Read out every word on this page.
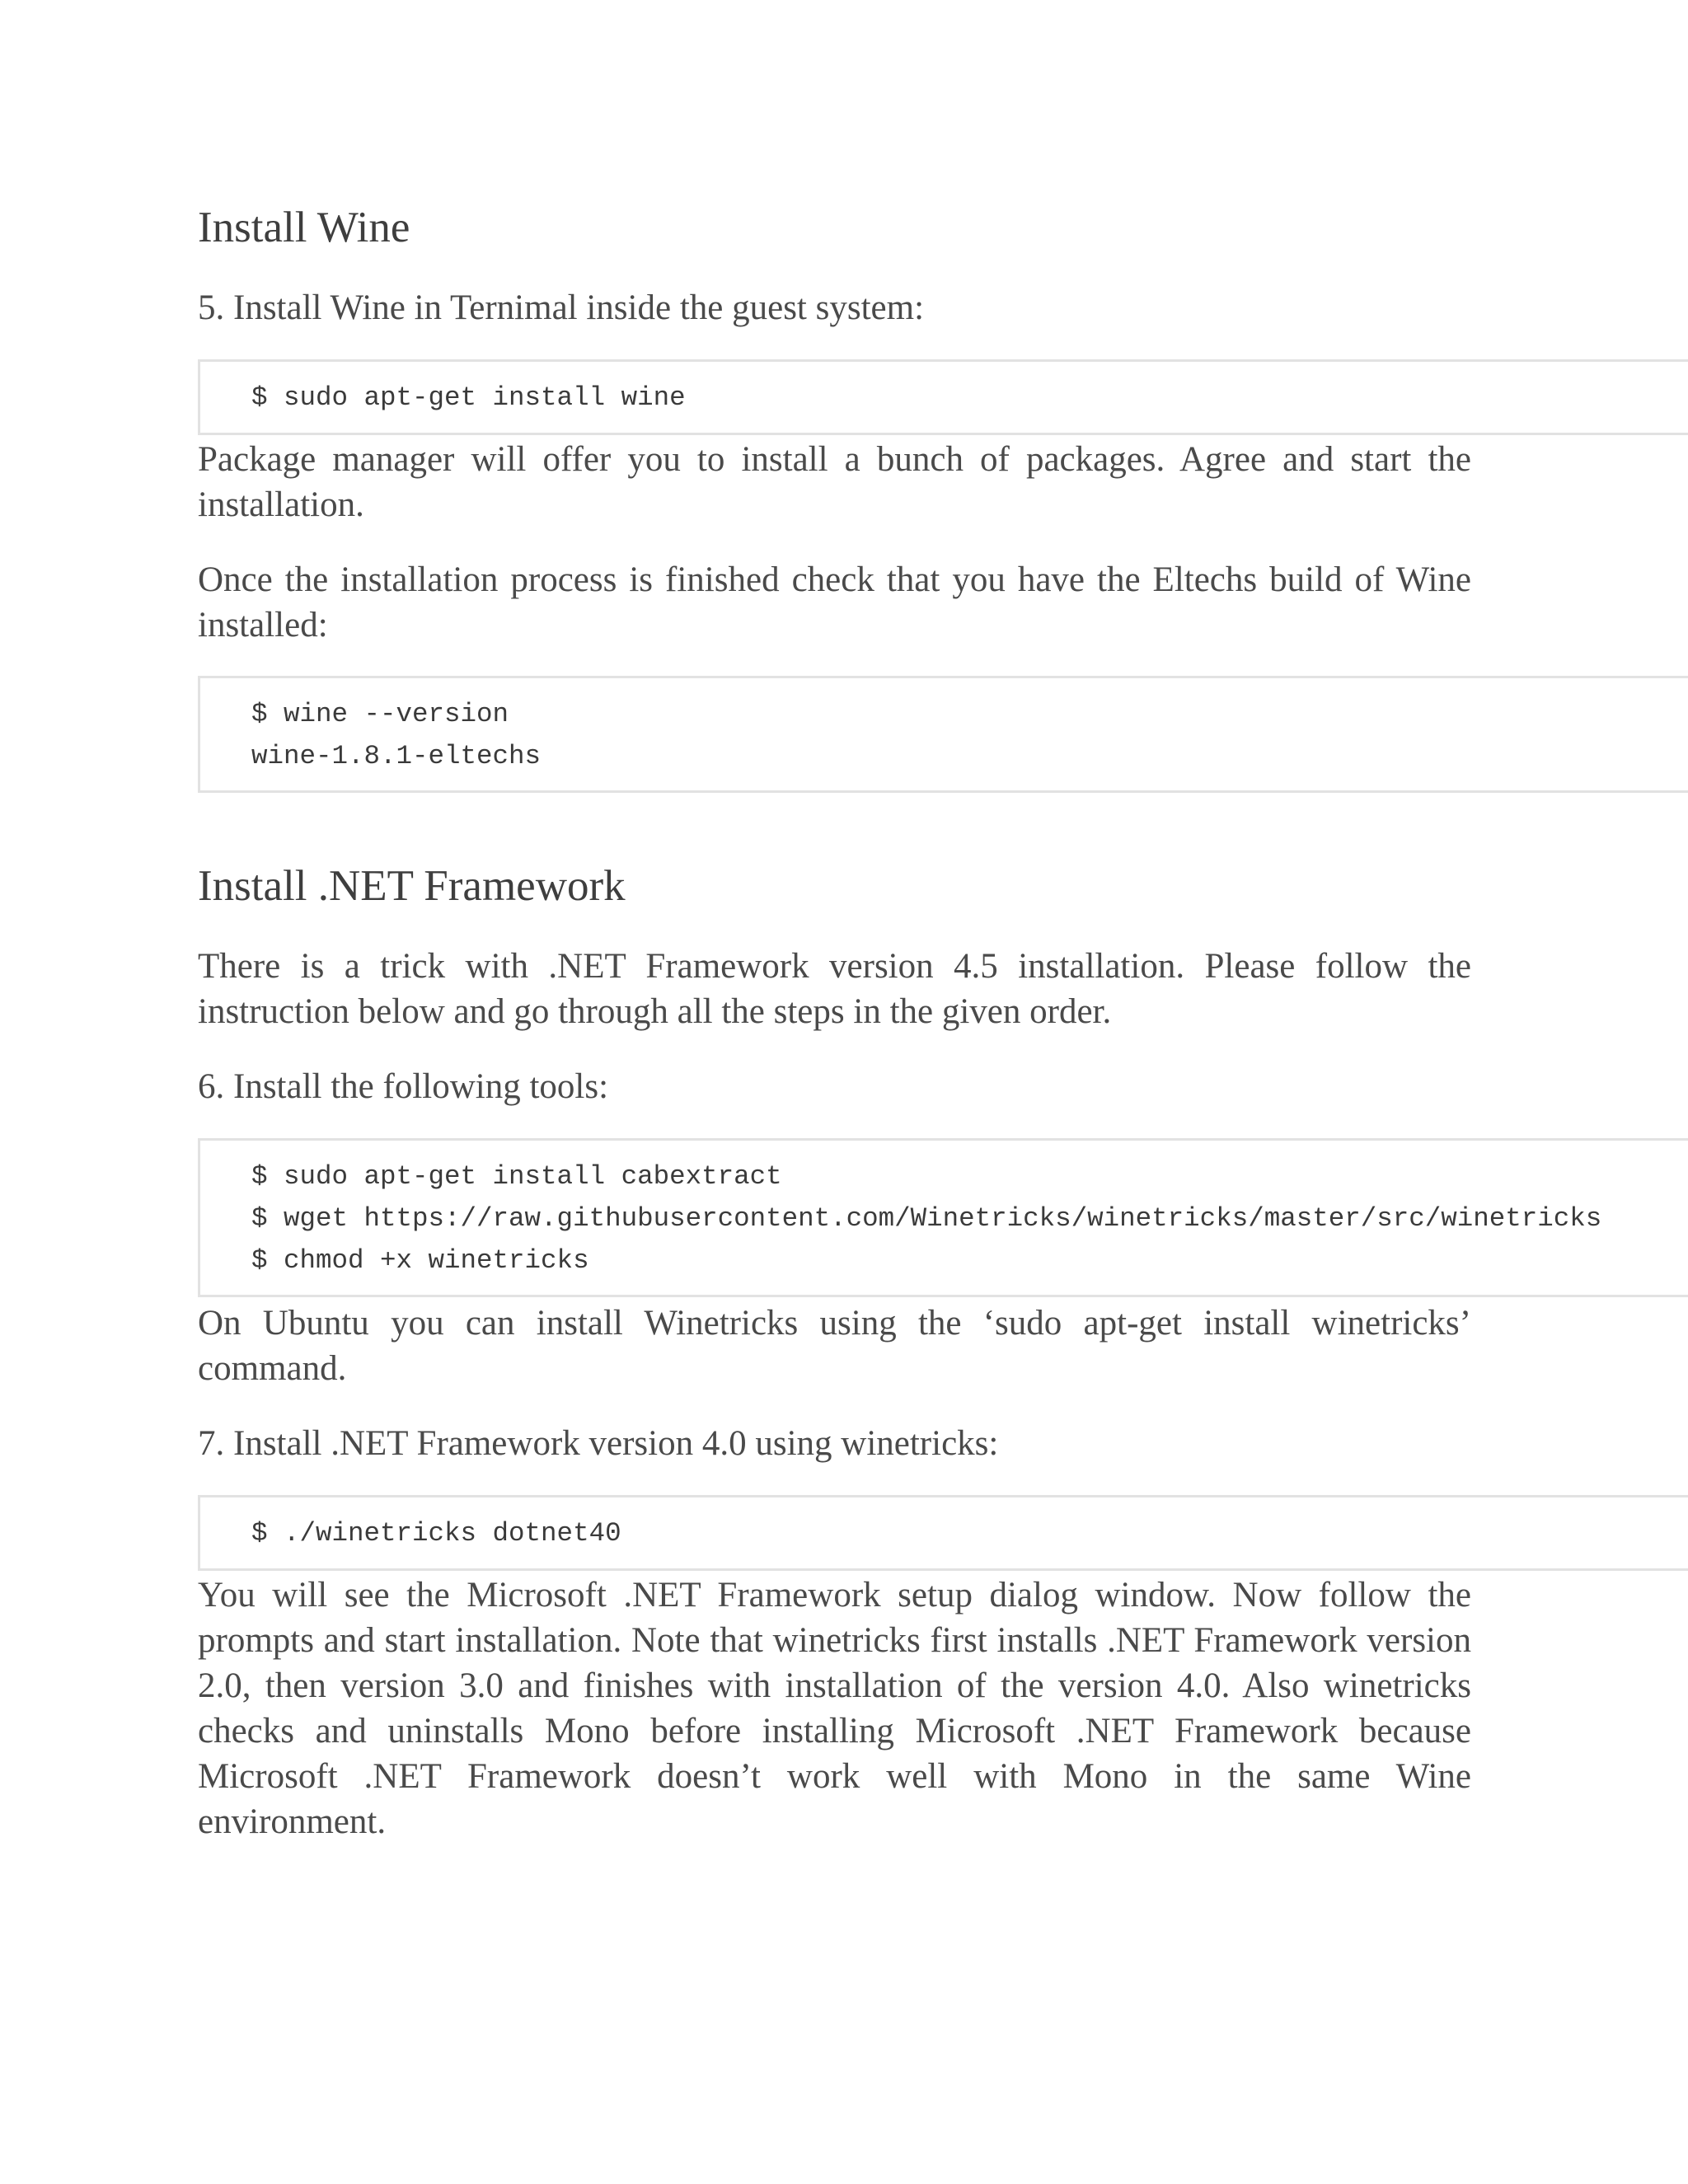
Install Wine

5. Install Wine in Ternimal inside the guest system:

$ sudo apt-get install wine

Package manager will offer you to install a bunch of packages. Agree and start the installation.

Once the installation process is finished check that you have the Eltechs build of Wine installed:

$ wine --version
wine-1.8.1-eltechs
Install .NET Framework

There is a trick with .NET Framework version 4.5 installation. Please follow the instruction below and go through all the steps in the given order.

6. Install the following tools:

$ sudo apt-get install cabextract
$ wget https://raw.githubusercontent.com/Winetricks/winetricks/master/src/winetricks
$ chmod +x winetricks

On Ubuntu you can install Winetricks using the ‘sudo apt-get install winetricks’ command.

7. Install .NET Framework version 4.0 using winetricks:

$ ./winetricks dotnet40

You will see the Microsoft .NET Framework setup dialog window. Now follow the prompts and start installation. Note that winetricks first installs .NET Framework version 2.0, then version 3.0 and finishes with installation of the version 4.0. Also winetricks checks and uninstalls Mono before installing Microsoft .NET Framework because Microsoft .NET Framework doesn’t work well with Mono in the same Wine environment.
